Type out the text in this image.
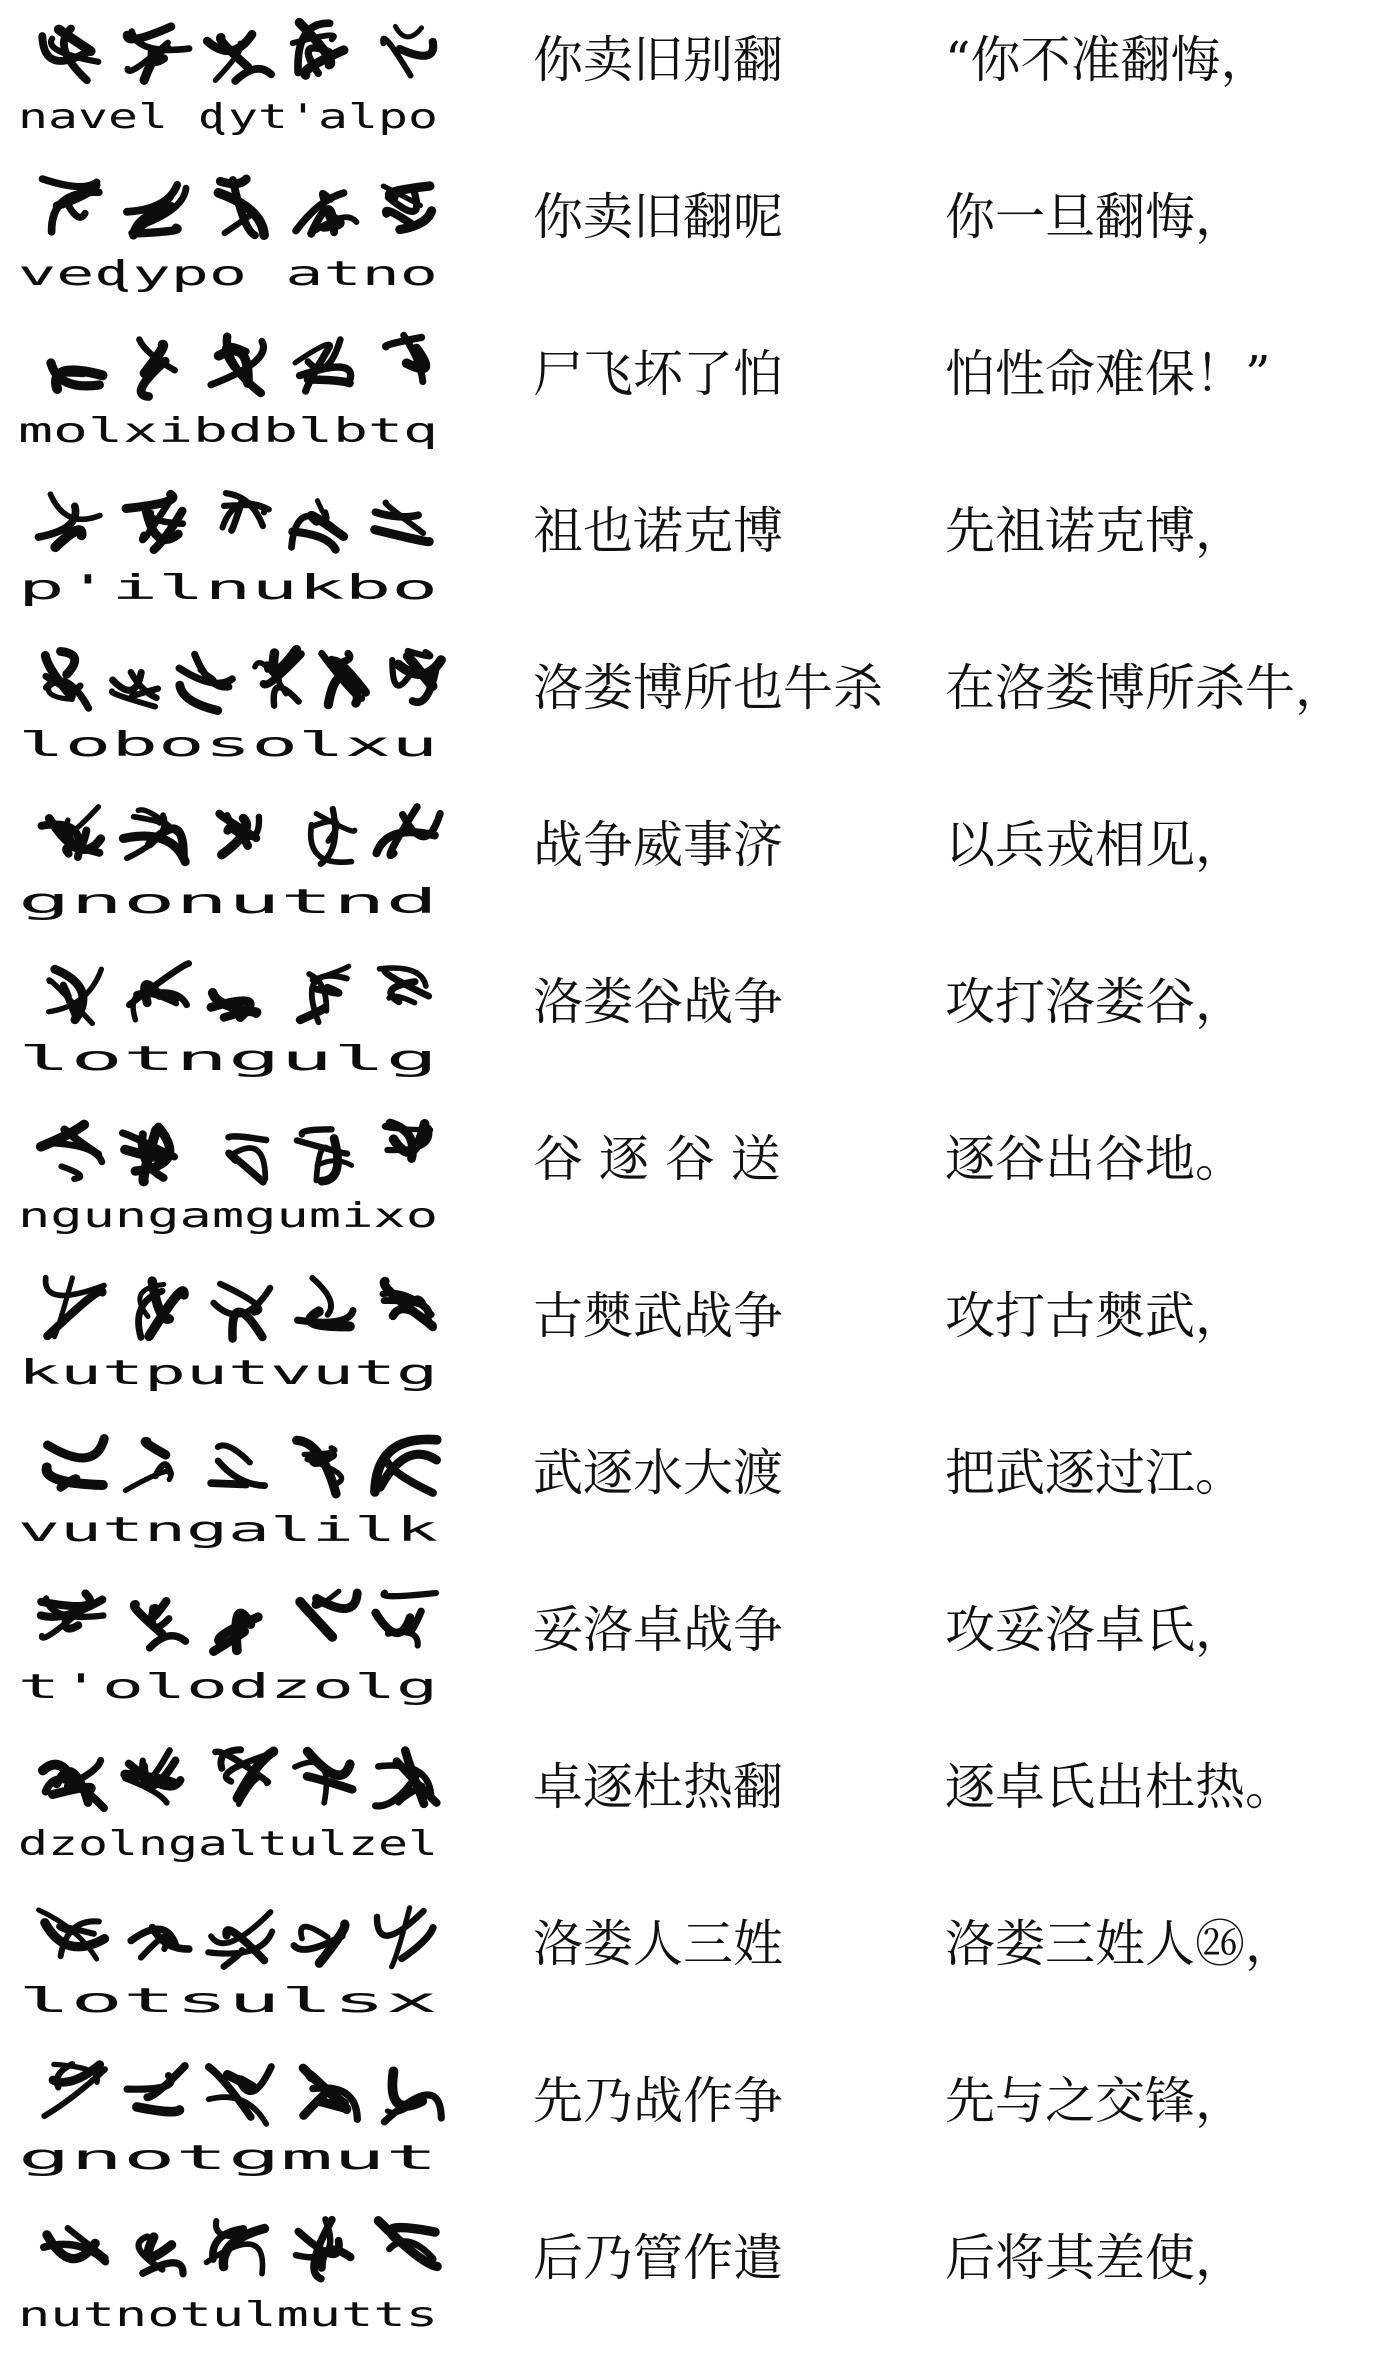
navel ɖyt'alpo
你卖旧别翻	“你不准翻悔，
veɖypo atno
你卖旧翻呢	你一旦翻悔，
molxibdblbtq
尸飞坏了怕	怕性命难保！”
p'ilnukbo
祖也诺克博	先祖诺克博，
lobosolxu
洛娄博所也牛杀	在洛娄博所杀牛，
gnonutnd
战争威事济	以兵戎相见，
lotngulg
洛娄谷战争	攻打洛娄谷，
ngungamgumixo
谷 逐 谷 送	逐谷出谷地。
kutputvutg
古僰武战争	攻打古僰武，
vutngalilk
武逐水大渡	把武逐过江。
t'olodzolg
妥洛卓战争	攻妥洛卓氏，
dzolngaltulzel
卓逐杜热翻	逐卓氏出杜热。
lotsulsx
洛娄人三姓	洛娄三姓人㉖，
gnotgmut
先乃战作争	先与之交锋，
nutnotulmutts
后乃管作遣	后将其差使，
